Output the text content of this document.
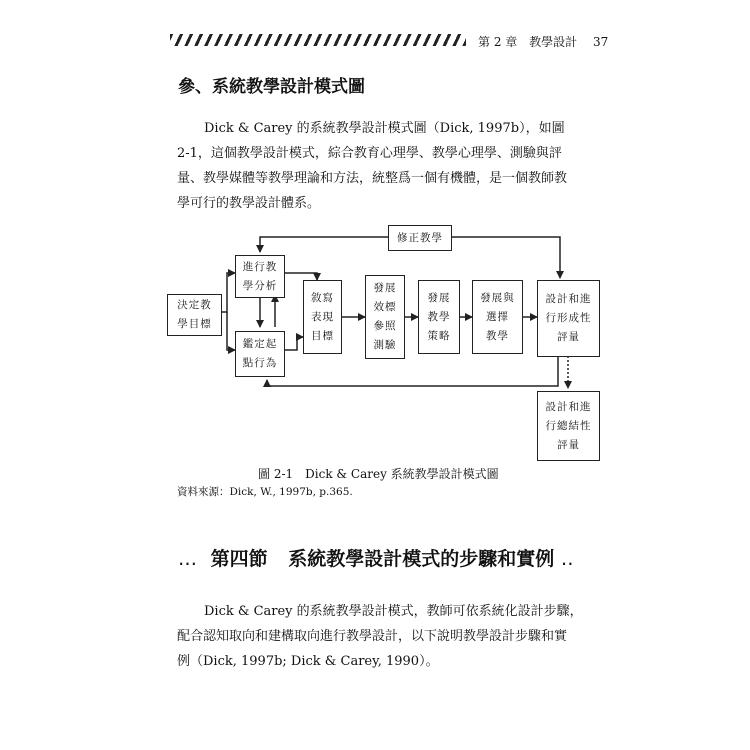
第 2 章 教學設計 37
參、系統教學設計模式圖
Dick & Carey 的系統教學設計模式圖（Dick, 1997b），如圖
2-1，這個教學設計模式，綜合教育心理學、教學心理學、測驗與評
量、教學媒體等教學理論和方法，統整爲一個有機體，是一個教師教
學可行的教學設計體系。
修正教學
決定教
學目標
進行教
學分析
鑑定起
點行為
敘寫
表現
目標
發展
效標
參照
測驗
發展
教學
策略
發展與
選擇
教學
設計和進
行形成性
評量
設計和進
行總結性
評量
圖 2-1　Dick & Carey 系統教學設計模式圖
資料來源：Dick, W., 1997b, p.365.
… 第四節 系統教學設計模式的步驟和實例 ‥
Dick & Carey 的系統教學設計模式，教師可依系統化設計步驟，
配合認知取向和建構取向進行教學設計，以下說明教學設計步驟和實
例（Dick, 1997b; Dick & Carey, 1990）。
